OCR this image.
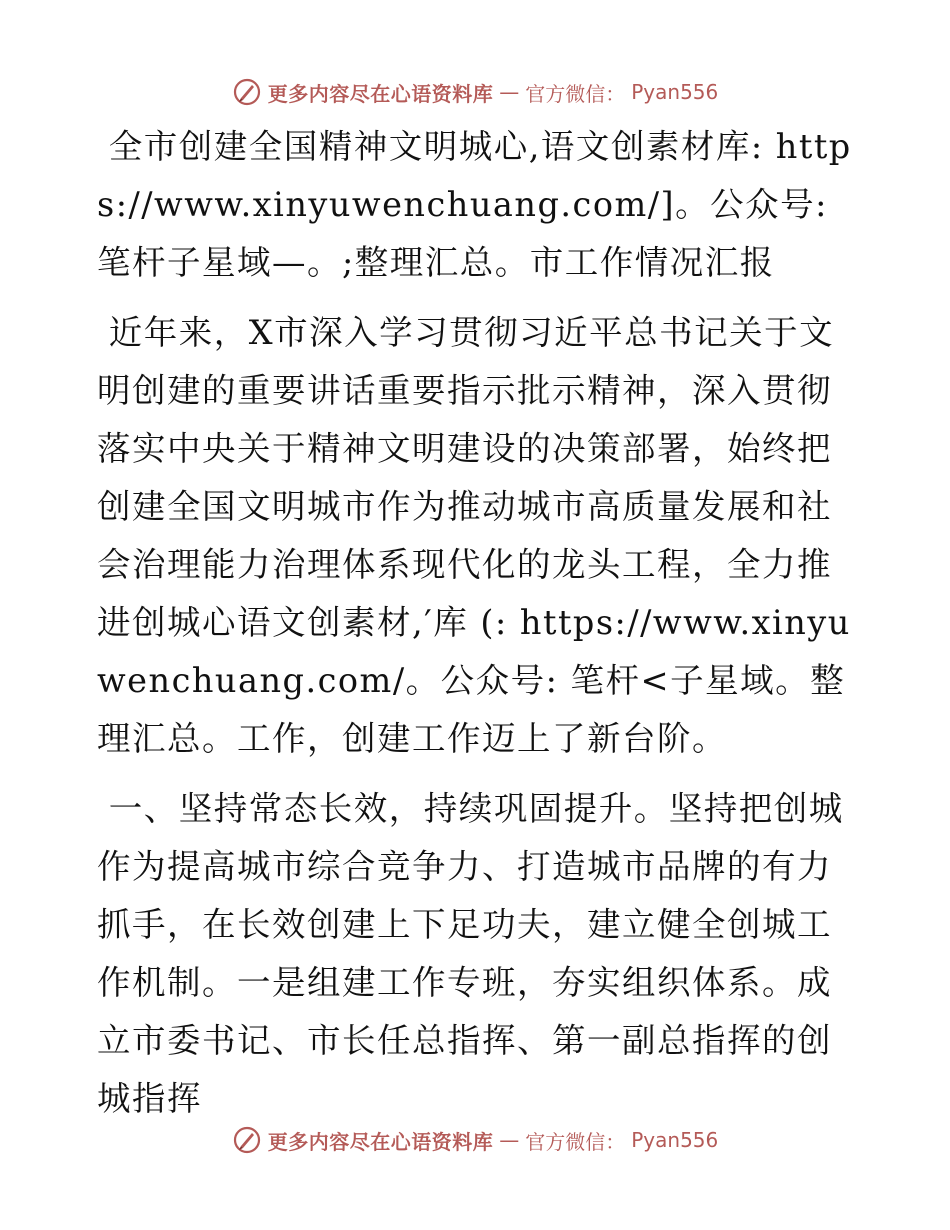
更多内容尽在心语资料库 — 官方微信： Pyan556

全市创建全国精神文明城心,语文创素材库: https://www.xinyuwenchuang.com/]。公众号: 笔杆子星域—。;整理汇总。市工作情况汇报

近年来，X市深入学习贯彻习近平总书记关于文明创建的重要讲话重要指示批示精神，深入贯彻落实中央关于精神文明建设的决策部署，始终把创建全国文明城市作为推动城市高质量发展和社会治理能力治理体系现代化的龙头工程，全力推进创城心语文创素材,′库 (: https://www.xinyuwenchuang.com/。公众号: 笔杆<子星域。整理汇总。工作，创建工作迈上了新台阶。

一、坚持常态长效，持续巩固提升。坚持把创城作为提高城市综合竞争力、打造城市品牌的有力抓手，在长效创建上下足功夫，建立健全创城工作机制。一是组建工作专班，夯实组织体系。成立市委书记、市长任总指挥、第一副总指挥的创城指挥

更多内容尽在心语资料库 — 官方微信： Pyan556
